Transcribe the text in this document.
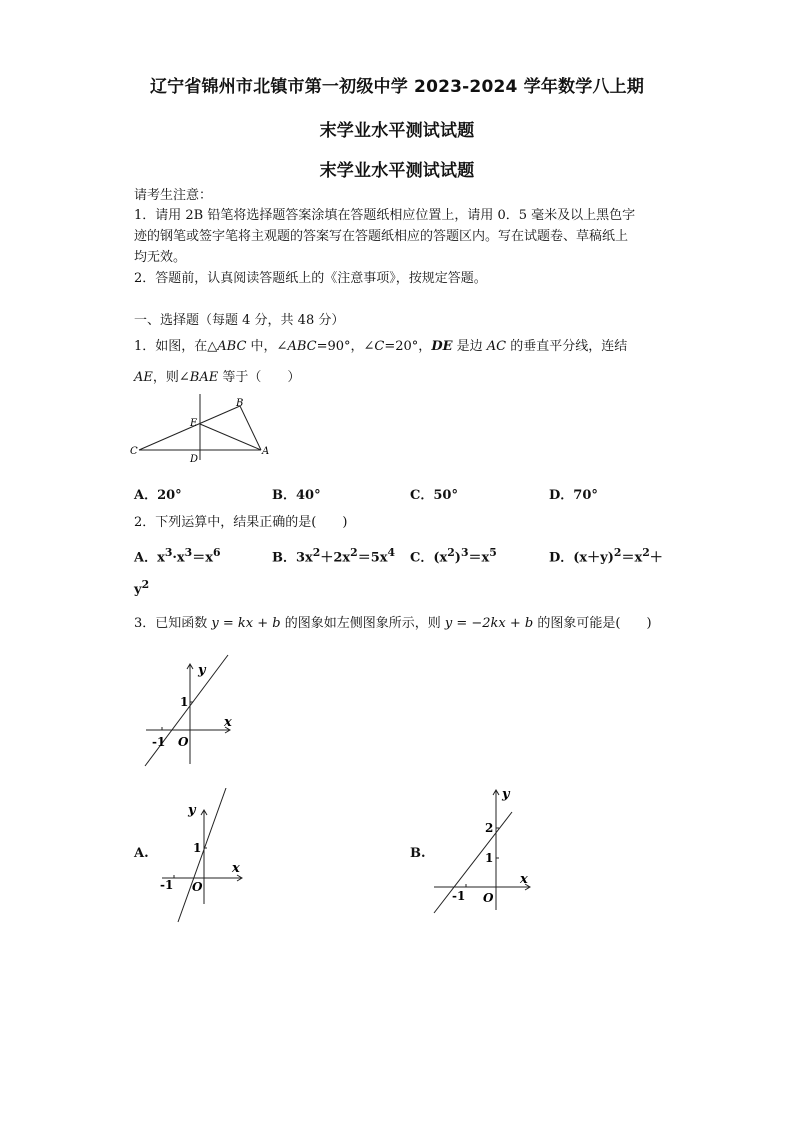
辽宁省锦州市北镇市第一初级中学 2023-2024 学年数学八上期
末学业水平测试试题
末学业水平测试试题
请考生注意：
1．请用 2B 铅笔将选择题答案涂填在答题纸相应位置上，请用 0．5 毫米及以上黑色字
迹的钢笔或签字笔将主观题的答案写在答题纸相应的答题区内。写在试题卷、草稿纸上
均无效。
2．答题前，认真阅读答题纸上的《注意事项》，按规定答题。
一、选择题（每题 4 分，共 48 分）
1．如图，在△ABC 中，∠ABC=90°，∠C=20°，DE 是边 AC 的垂直平分线，连结
AE，则∠BAE 等于（　　）
B
E
C
D
A
A．20°	B．40°	C．50°	D．70°
2．下列运算中，结果正确的是(　　)
A．$x^3\cdot x^3=x^6$	B．$3x^2+2x^2=5x^4$ C．$(x^2)^3=x^5$	D．$(x+y)^2=x^2+$
$y^2$
3．已知函数 y = kx + b 的图象如左侧图象所示，则 y = −2kx + b 的图象可能是(　　)
y
x
1
-1 O
A.
y
x
1
-1 O
B.
y
x
2
1
-1 O
